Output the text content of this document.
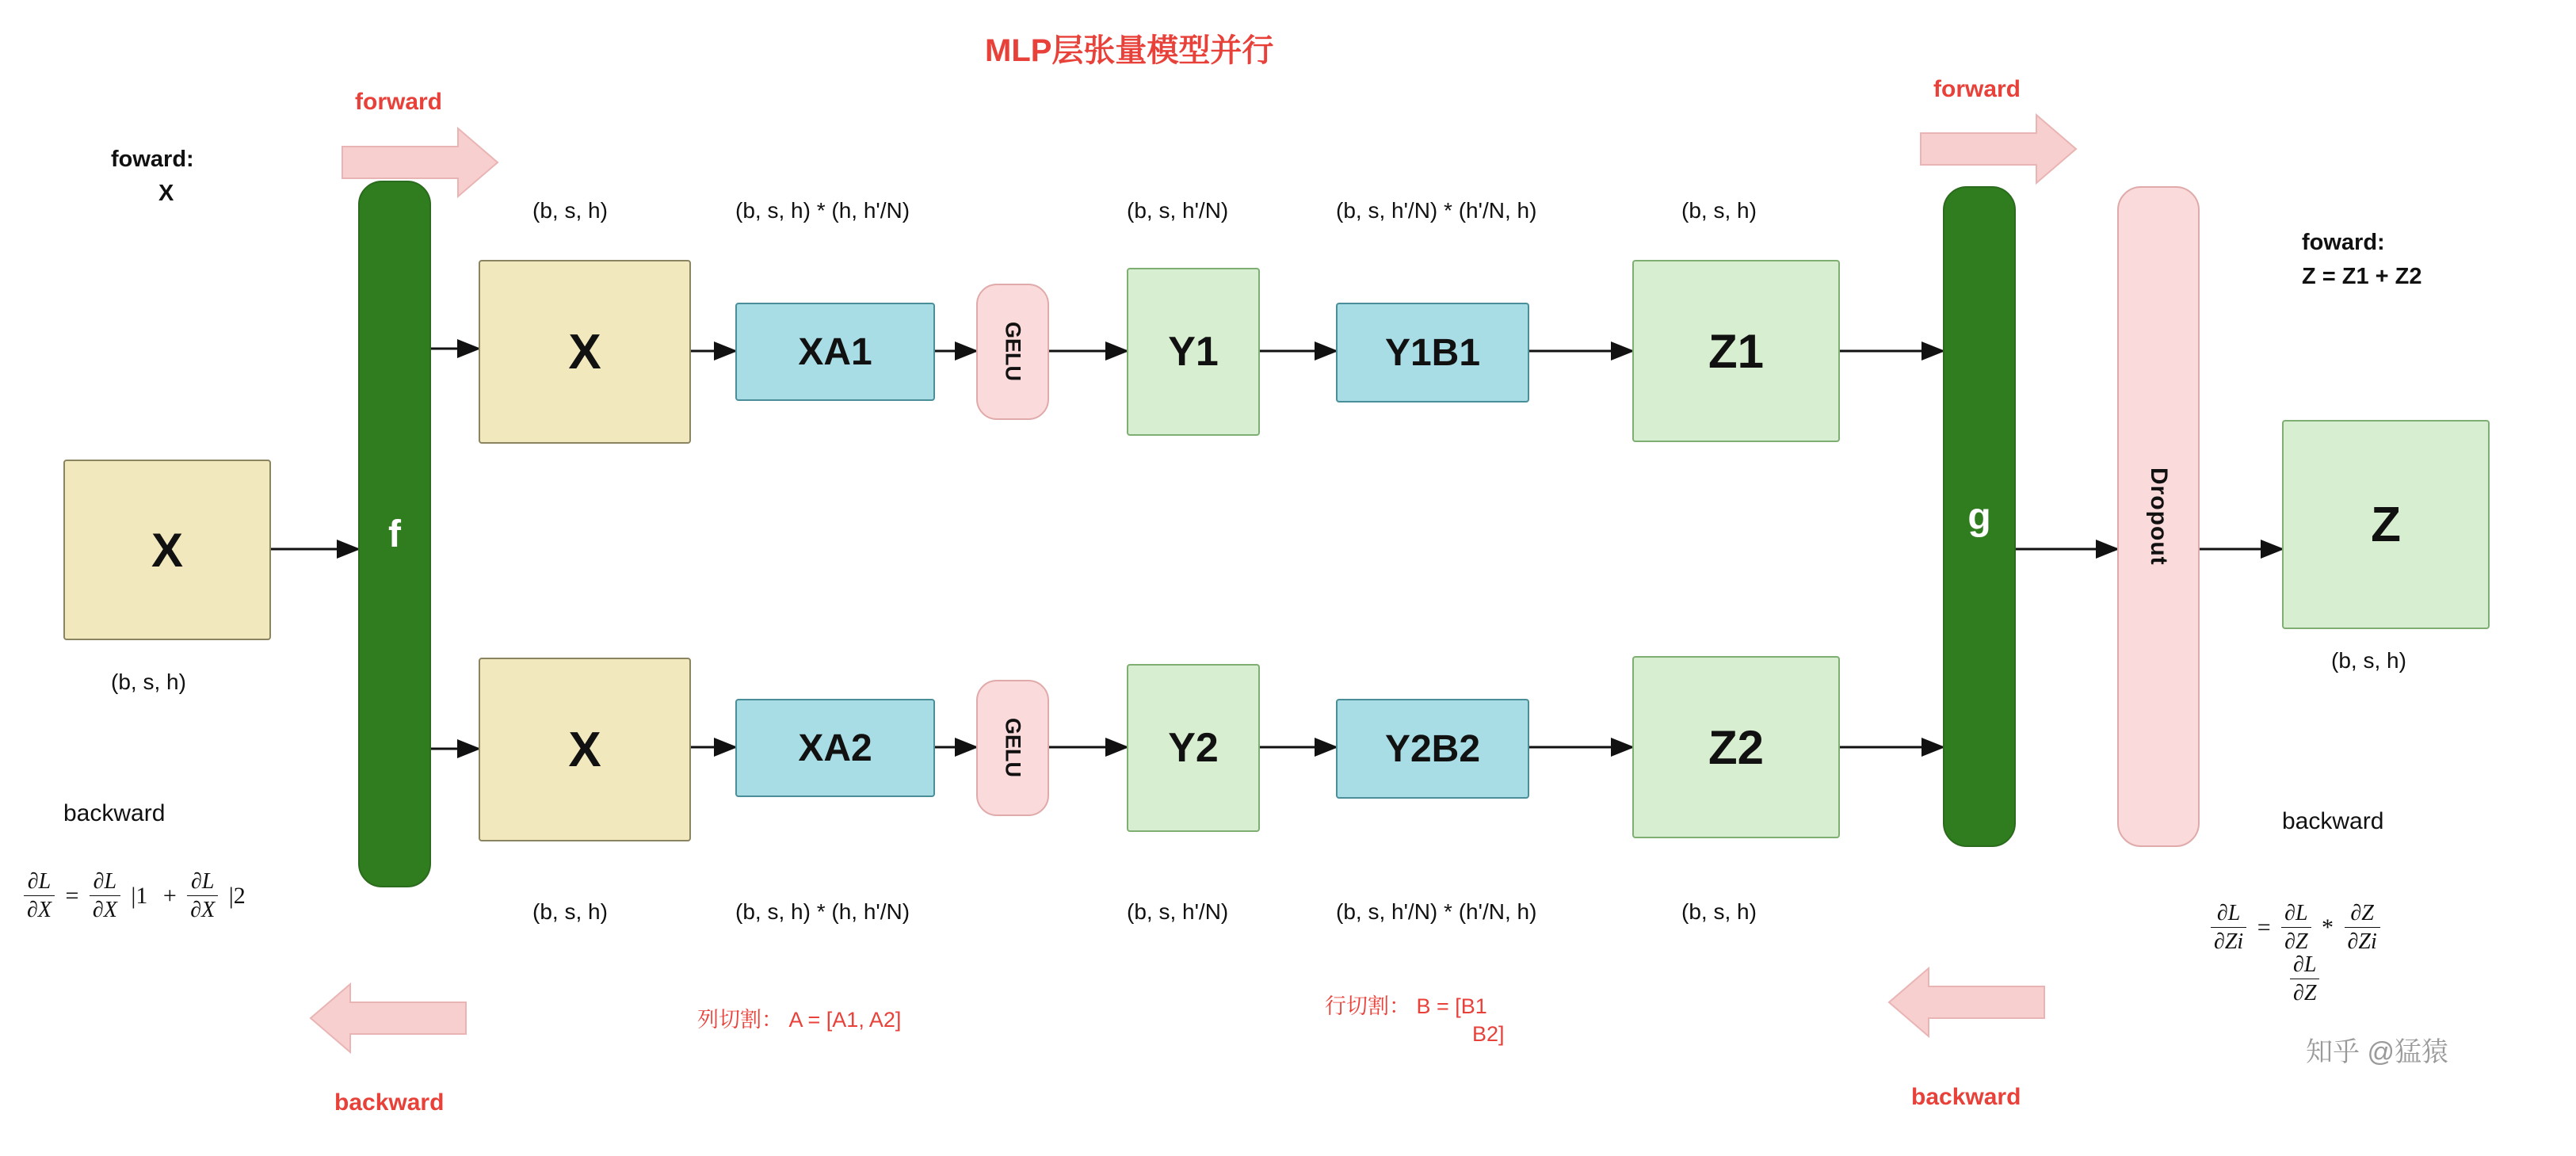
MLP层张量模型并行
forward	forward
backward	backward
foward:
X
foward:
Z = Z1 + Z2
X
(b, s, h)
f
(b, s, h)
X
(b, s, h) * (h, h'/N)
XA1	GELU
(b, s, h'/N)
Y1
(b, s, h'/N) * (h'/N, h)
Y1B1
(b, s, h)
Z1
X
(b, s, h)
XA2
(b, s, h) * (h, h'/N)
GELU	Y2
(b, s, h'/N)
Y2B2
(b, s, h'/N) * (h'/N, h)
Z2
(b, s, h)
g	Dropout	Z
(b, s, h)
backward	backward
$\frac{\partial L}{\partial X} = \frac{\partial L}{\partial X} |1 + \frac{\partial L}{\partial X} |2$
$\frac{\partial L}{\partial Zi} = \frac{\partial L}{\partial Z} * \frac{\partial Z}{\partial Zi}$
$\frac{\partial L}{\partial Z}$
列切割： A = [A1, A2]
行切割： B = [B1
B2]
知乎 @猛猿
